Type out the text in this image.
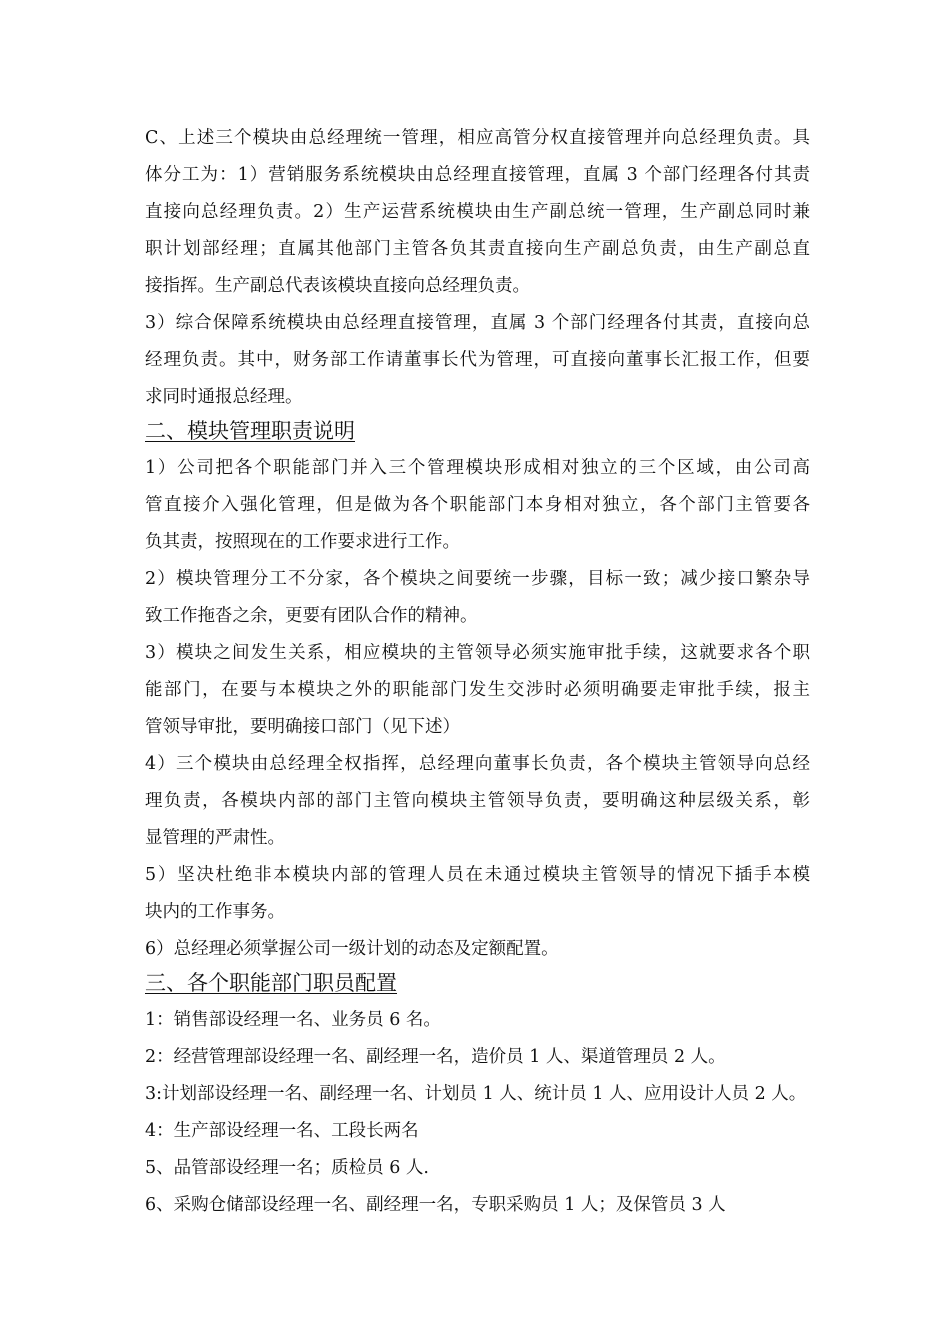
C、上述三个模块由总经理统一管理，相应高管分权直接管理并向总经理负责。具
体分工为：1）营销服务系统模块由总经理直接管理，直属 3 个部门经理各付其责
直接向总经理负责。2）生产运营系统模块由生产副总统一管理，生产副总同时兼
职计划部经理；直属其他部门主管各负其责直接向生产副总负责，由生产副总直
接指挥。生产副总代表该模块直接向总经理负责。
3）综合保障系统模块由总经理直接管理，直属 3 个部门经理各付其责，直接向总
经理负责。其中，财务部工作请董事长代为管理，可直接向董事长汇报工作，但要
求同时通报总经理。
二、模块管理职责说明
1）公司把各个职能部门并入三个管理模块形成相对独立的三个区域，由公司高
管直接介入强化管理，但是做为各个职能部门本身相对独立，各个部门主管要各
负其责，按照现在的工作要求进行工作。
2）模块管理分工不分家，各个模块之间要统一步骤，目标一致；减少接口繁杂导
致工作拖沓之余，更要有团队合作的精神。
3）模块之间发生关系，相应模块的主管领导必须实施审批手续，这就要求各个职
能部门，在要与本模块之外的职能部门发生交涉时必须明确要走审批手续，报主
管领导审批，要明确接口部门（见下述）
4）三个模块由总经理全权指挥，总经理向董事长负责，各个模块主管领导向总经
理负责，各模块内部的部门主管向模块主管领导负责，要明确这种层级关系，彰
显管理的严肃性。
5）坚决杜绝非本模块内部的管理人员在未通过模块主管领导的情况下插手本模
块内的工作事务。
6）总经理必须掌握公司一级计划的动态及定额配置。
三、各个职能部门职员配置
1：销售部设经理一名、业务员 6 名。
2：经营管理部设经理一名、副经理一名，造价员 1 人、渠道管理员 2 人。
3:计划部设经理一名、副经理一名、计划员 1 人、统计员 1 人、应用设计人员 2 人。
4：生产部设经理一名、工段长两名
5、品管部设经理一名；质检员 6 人.
6、采购仓储部设经理一名、副经理一名，专职采购员 1 人；及保管员 3 人
